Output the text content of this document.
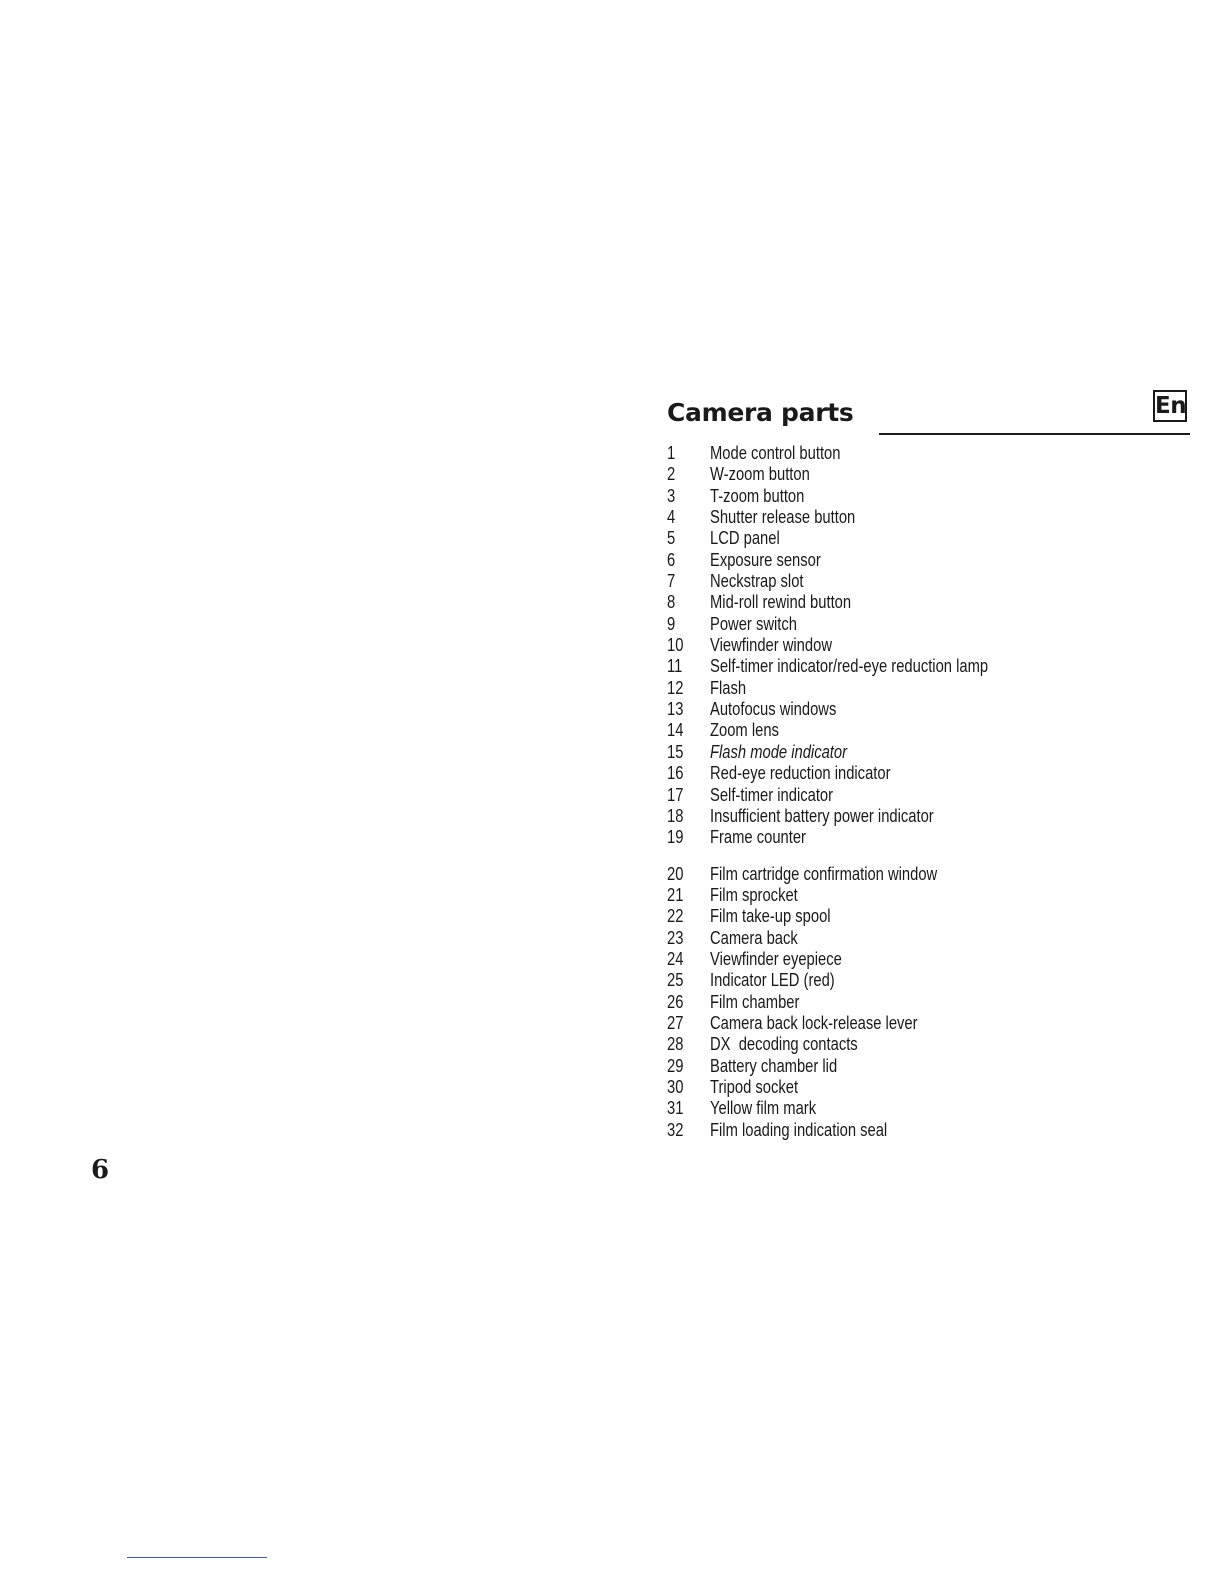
Camera parts	En
1	Mode control button
2	W-zoom button
3	T-zoom button
4	Shutter release button
5	LCD panel
6	Exposure sensor
7	Neckstrap slot
8	Mid-roll rewind button
9	Power switch
10	Viewfinder window
11	Self-timer indicator/red-eye reduction lamp
12	Flash
13	Autofocus windows
14	Zoom lens
15	Flash mode indicator
16	Red-eye reduction indicator
17	Self-timer indicator
18	Insufficient battery power indicator
19	Frame counter
20	Film cartridge confirmation window
21	Film sprocket
22	Film take-up spool
23	Camera back
24	Viewfinder eyepiece
25	Indicator LED (red)
26	Film chamber
27	Camera back lock-release lever
28	DX  decoding contacts
29	Battery chamber lid
30	Tripod socket
31	Yellow film mark
32	Film loading indication seal
6
